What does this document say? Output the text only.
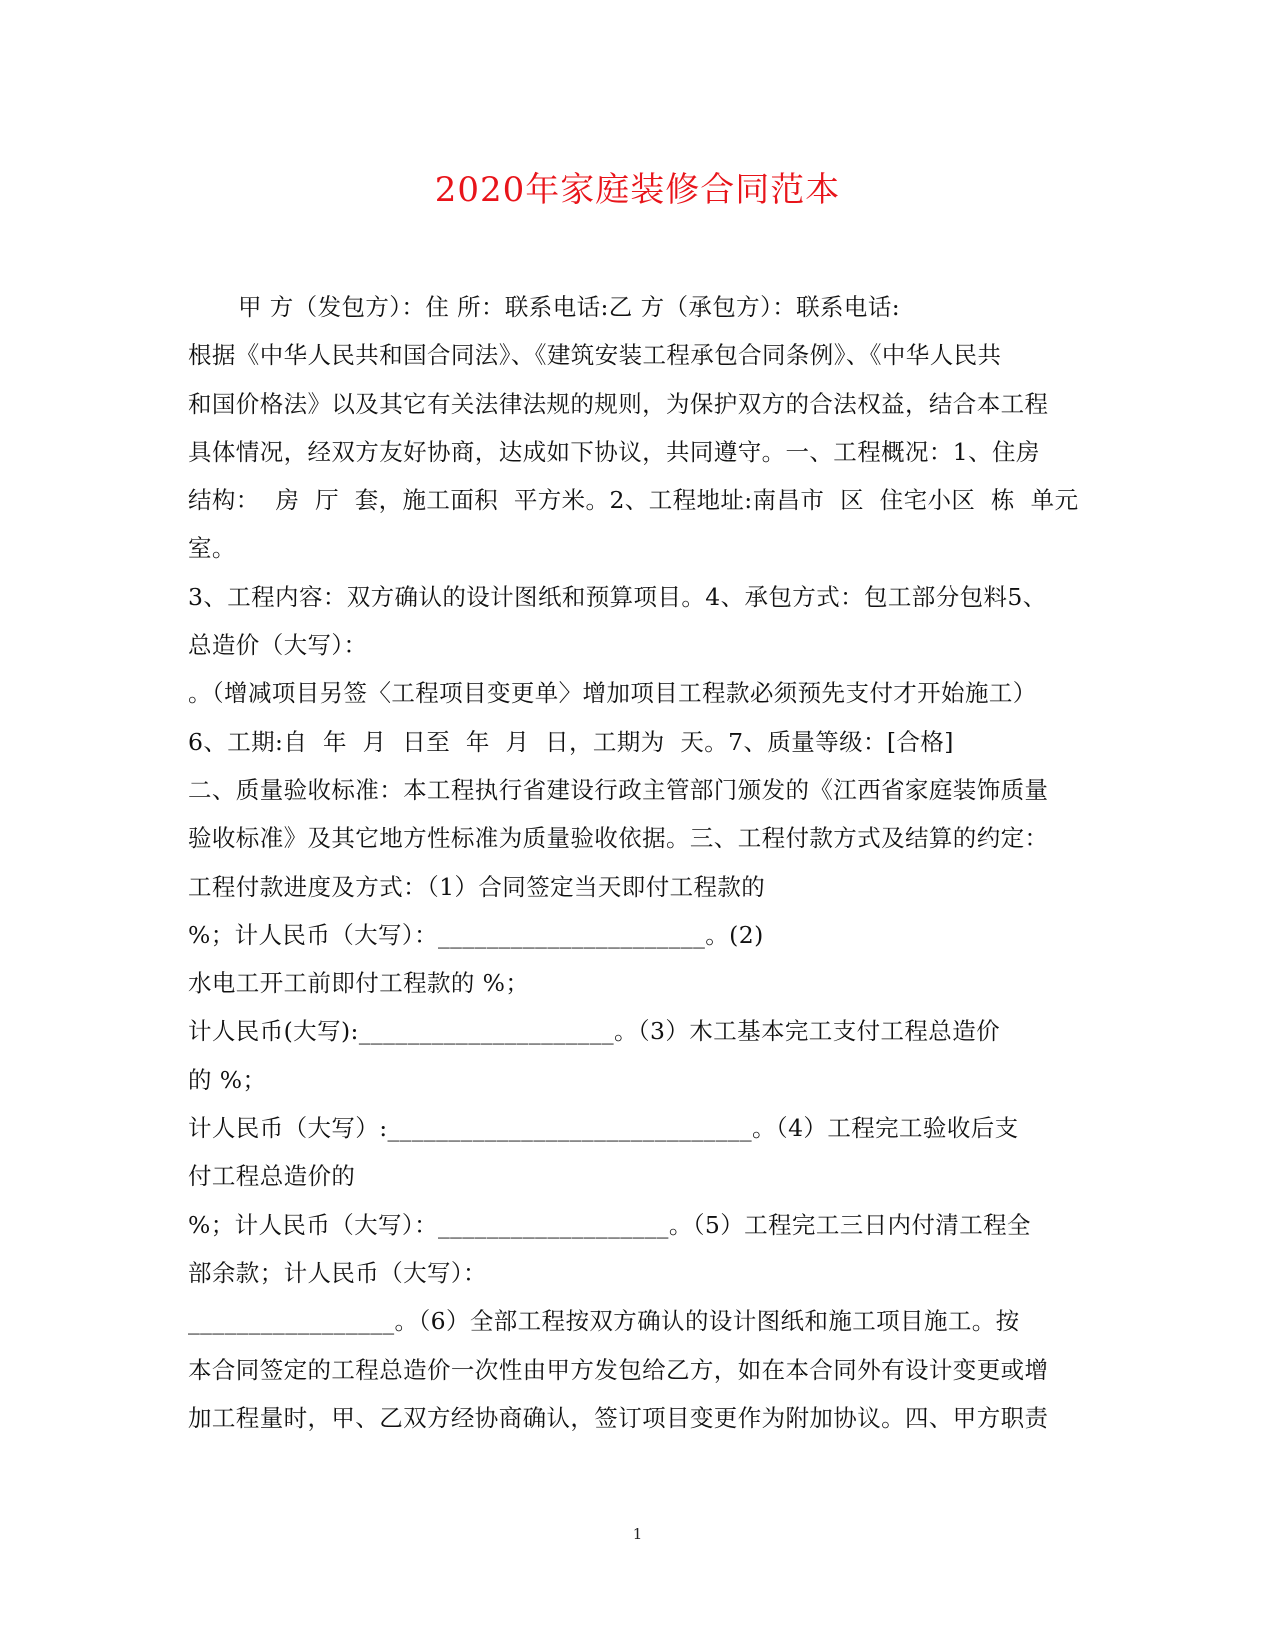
2020年家庭装修合同范本
甲 方（发包方）：住 所：联系电话:乙 方（承包方）：联系电话:
根据《中华人民共和国合同法》、《建筑安装工程承包合同条例》、《中华人民共
和国价格法》以及其它有关法律法规的规则，为保护双方的合法权益，结合本工程
具体情况，经双方友好协商，达成如下协议，共同遵守。一、工程概况：1、住房
结构：  房  厅  套，施工面积  平方米。2、工程地址:南昌市  区  住宅小区  栋  单元
室。
3、工程内容：双方确认的设计图纸和预算项目。4、承包方式：包工部分包料5、
总造价（大写）：
。（增减项目另签〈工程项目变更单〉增加项目工程款必须预先支付才开始施工）
6、工期:自  年  月  日至  年  月  日，工期为  天。7、质量等级：[合格]
二、质量验收标准：本工程执行省建设行政主管部门颁发的《江西省家庭装饰质量
验收标准》及其它地方性标准为质量验收依据。三、工程付款方式及结算的约定：
工程付款进度及方式：（1）合同签定当天即付工程款的
%；计人民币（大写）：______________________。(2)
水电工开工前即付工程款的 %；
计人民币(大写):_____________________。（3）木工基本完工支付工程总造价
的 %；
计人民币（大写）:______________________________。（4）工程完工验收后支
付工程总造价的
%；计人民币（大写）：___________________。（5）工程完工三日内付清工程全
部余款；计人民币（大写）：
_________________。（6）全部工程按双方确认的设计图纸和施工项目施工。按
本合同签定的工程总造价一次性由甲方发包给乙方，如在本合同外有设计变更或增
加工程量时，甲、乙双方经协商确认，签订项目变更作为附加协议。四、甲方职责
1
